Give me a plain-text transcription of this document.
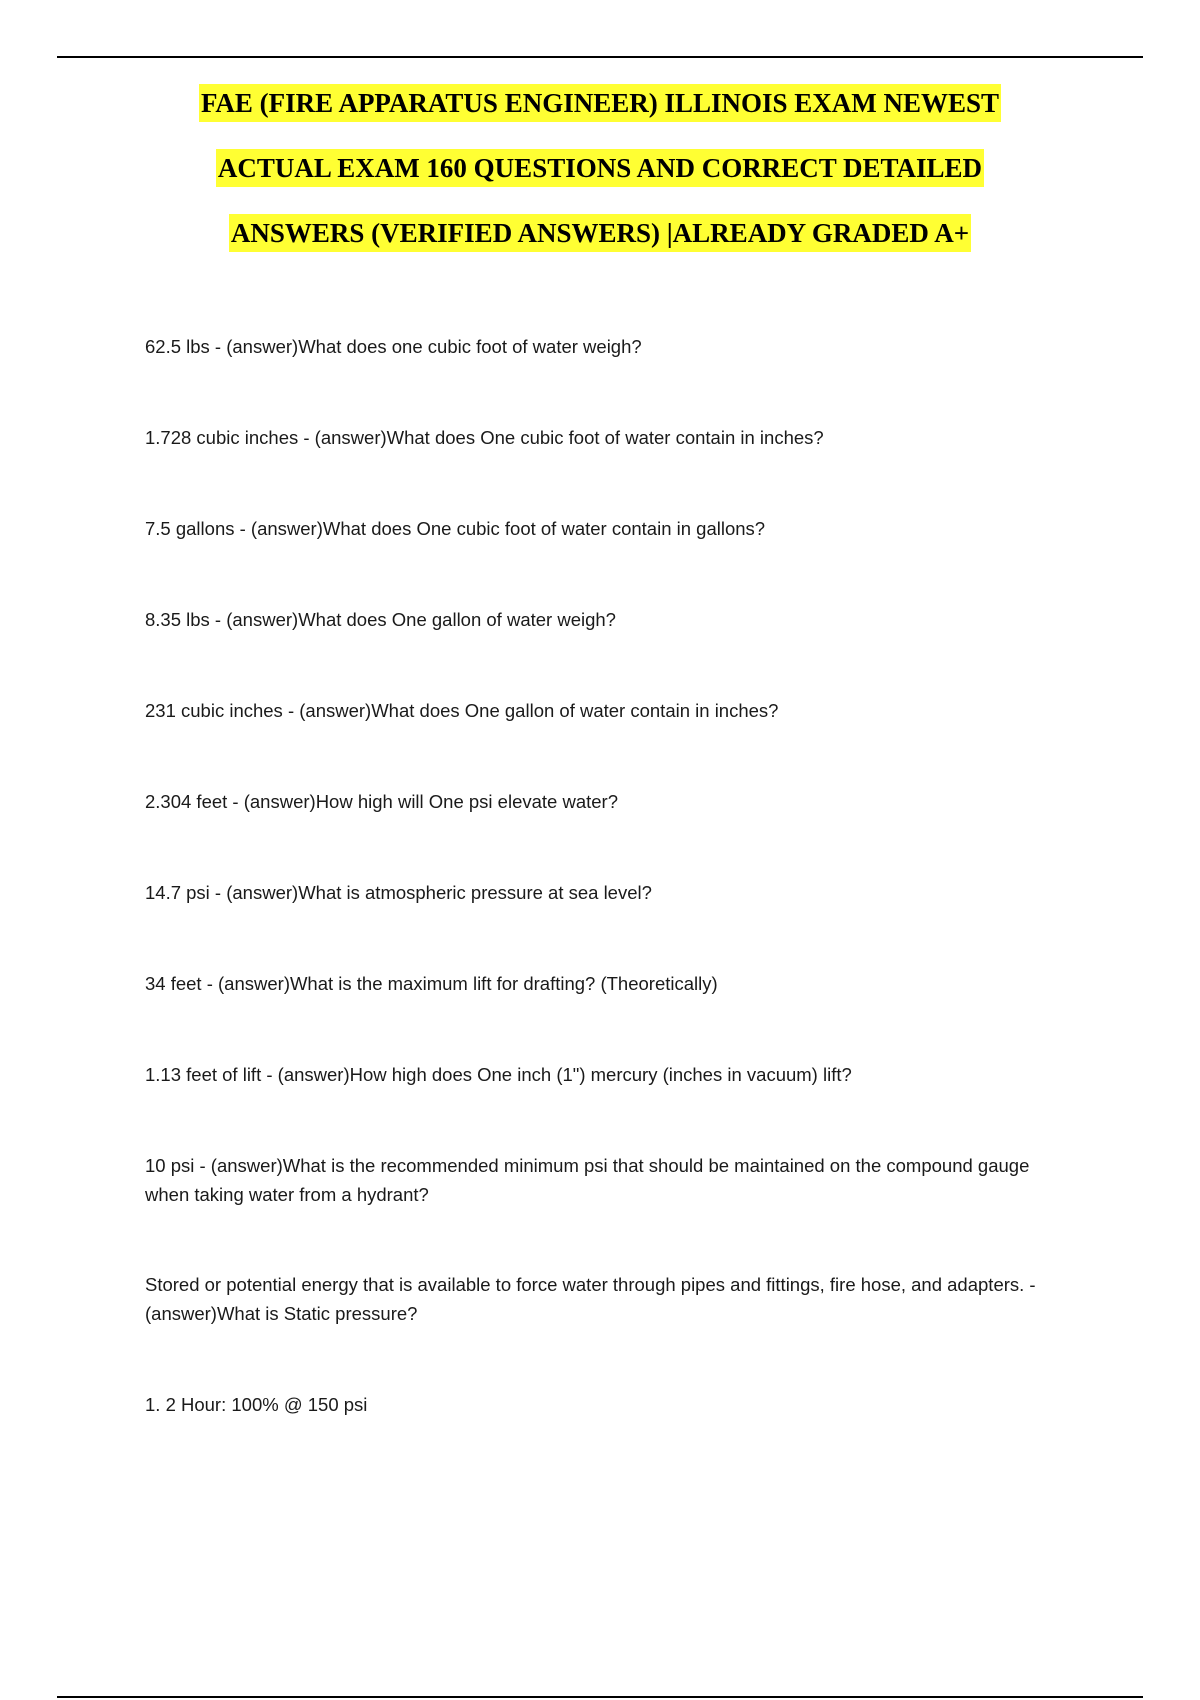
FAE (FIRE APPARATUS ENGINEER) ILLINOIS EXAM NEWEST
ACTUAL EXAM 160 QUESTIONS AND CORRECT DETAILED
ANSWERS (VERIFIED ANSWERS) |ALREADY GRADED A+
62.5 lbs - (answer)What does one cubic foot of water weigh?
1.728 cubic inches - (answer)What does One cubic foot of water contain in inches?
7.5 gallons - (answer)What does One cubic foot of water contain in gallons?
8.35 lbs - (answer)What does One gallon of water weigh?
231 cubic inches - (answer)What does One gallon of water contain in inches?
2.304 feet - (answer)How high will One psi elevate water?
14.7 psi - (answer)What is atmospheric pressure at sea level?
34 feet - (answer)What is the maximum lift for drafting? (Theoretically)
1.13 feet of lift - (answer)How high does One inch (1") mercury (inches in vacuum) lift?
10 psi - (answer)What is the recommended minimum psi that should be maintained on the compound gauge when taking water from a hydrant?
Stored or potential energy that is available to force water through pipes and fittings, fire hose, and adapters. - (answer)What is Static pressure?
1. 2 Hour: 100% @ 150 psi
